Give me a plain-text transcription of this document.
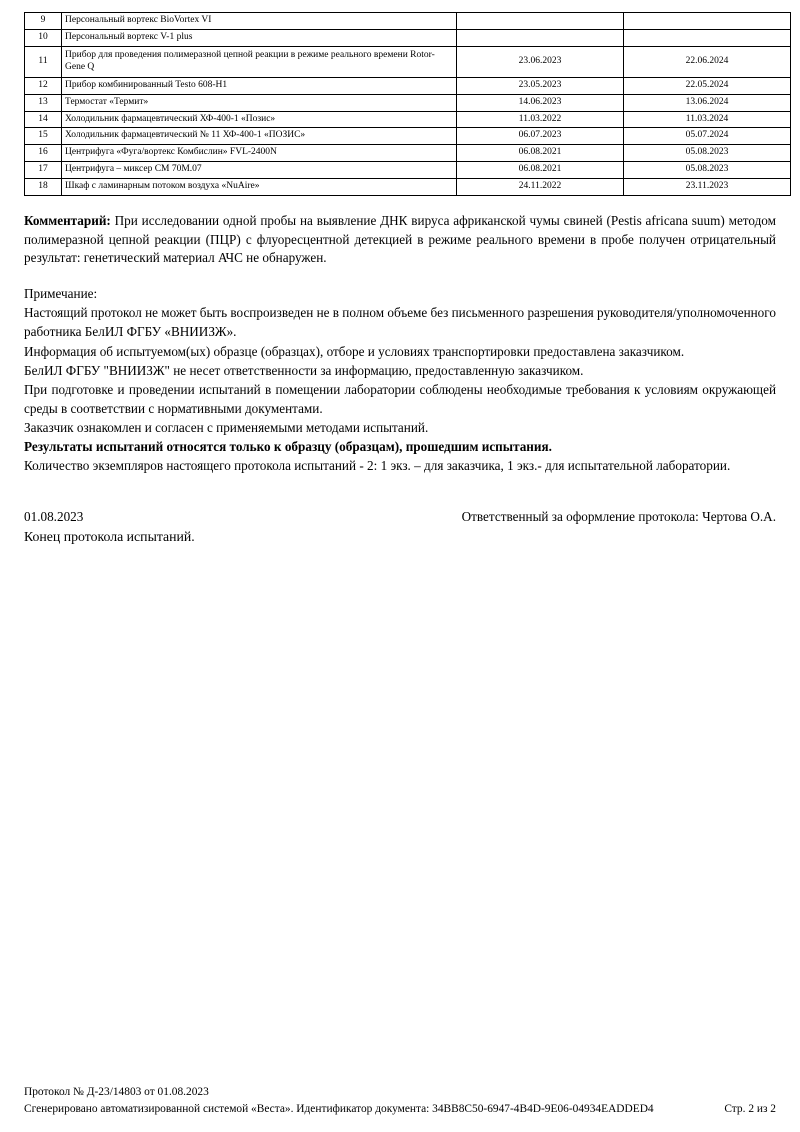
9	Персональный вортекс BioVortex VI		
10	Персональный вортекс V-1 plus		
11	Прибор для проведения полимеразной цепной реакции в режиме реального времени Rotor-Gene Q	23.06.2023	22.06.2024
12	Прибор комбинированный Testo 608-H1	23.05.2023	22.05.2024
13	Термостат «Термит»	14.06.2023	13.06.2024
14	Холодильник фармацевтический ХФ-400-1 «Позис»	11.03.2022	11.03.2024
15	Холодильник фармацевтический № 11 ХФ-400-1 «ПОЗИС»	06.07.2023	05.07.2024
16	Центрифуга «Фуга/вортекс Комбислин» FVL-2400N	06.08.2021	05.08.2023
17	Центрифуга – миксер СМ 70М.07	06.08.2021	05.08.2023
18	Шкаф с ламинарным потоком воздуха «NuAire»	24.11.2022	23.11.2023
Комментарий: При исследовании одной пробы на выявление ДНК вируса африканской чумы свиней (Pestis africana suum) методом полимеразной цепной реакции (ПЦР) с флуоресцентной детекцией в режиме реального времени в пробе получен отрицательный результат: генетический материал АЧС не обнаружен.
Примечание:

Настоящий протокол не может быть воспроизведен не в полном объеме без письменного разрешения руководителя/уполномоченного работника БелИЛ ФГБУ «ВНИИЗЖ».

Информация об испытуемом(ых) образце (образцах), отборе и условиях транспортировки предоставлена заказчиком.

БелИЛ ФГБУ "ВНИИЗЖ" не несет ответственности за информацию, предоставленную заказчиком.

При подготовке и проведении испытаний в помещении лаборатории соблюдены необходимые требования к условиям окружающей среды в соответствии с нормативными документами.

Заказчик ознакомлен и согласен с применяемыми методами испытаний.

Результаты испытаний относятся только к образцу (образцам), прошедшим испытания.

Количество экземпляров настоящего протокола испытаний - 2: 1 экз. – для заказчика, 1 экз.- для испытательной лаборатории.

01.08.2023	Ответственный за оформление протокола: Чертова О.А.
Конец протокола испытаний.
Протокол № Д-23/14803 от 01.08.2023
Сгенерировано автоматизированной системой «Веста». Идентификатор документа: 34BB8C50-6947-4B4D-9E06-04934EADDED4	Стр. 2 из 2
